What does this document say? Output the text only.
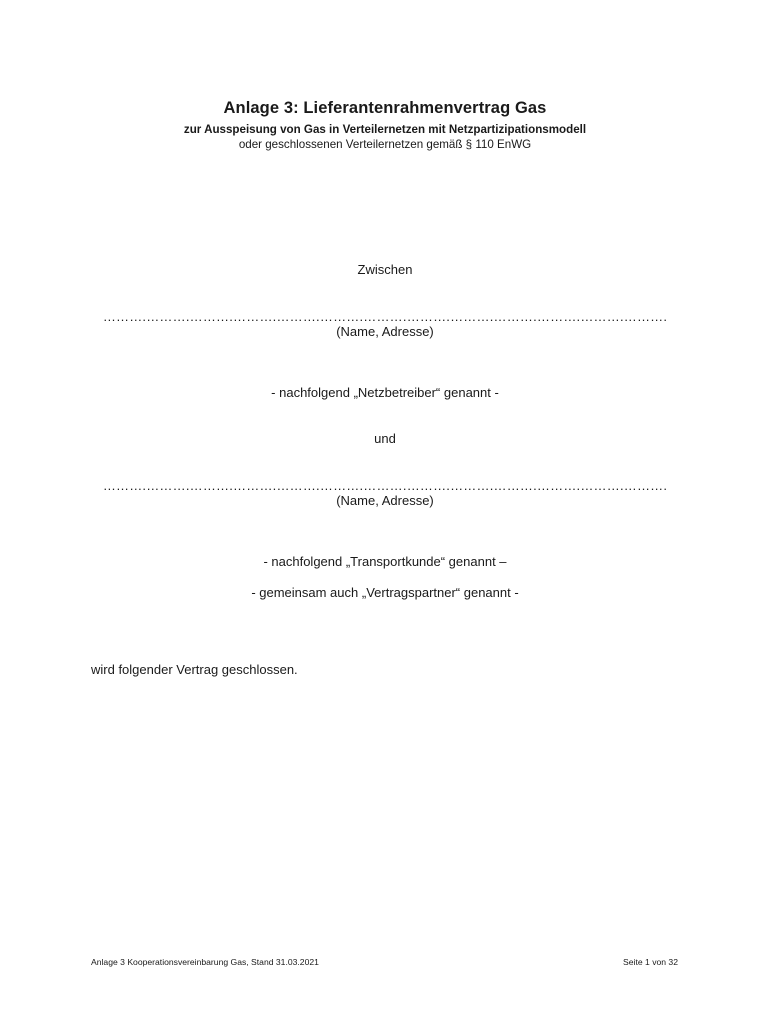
Anlage 3: Lieferantenrahmenvertrag Gas
zur Ausspeisung von Gas in Verteilernetzen mit Netzpartizipationsmodell
oder geschlossenen Verteilernetzen gemäß § 110 EnWG
Zwischen
……….……….……….……….……….……….……….……….……….……….……….……….……….
(Name, Adresse)
- nachfolgend „Netzbetreiber“ genannt -
und
……….……….……….……….……….……….……….……….……….……….……….……….……….
(Name, Adresse)
- nachfolgend „Transportkunde“ genannt –
- gemeinsam auch „Vertragspartner“ genannt -
wird folgender Vertrag geschlossen.
Anlage 3 Kooperationsvereinbarung Gas, Stand 31.03.2021	Seite 1 von 32
